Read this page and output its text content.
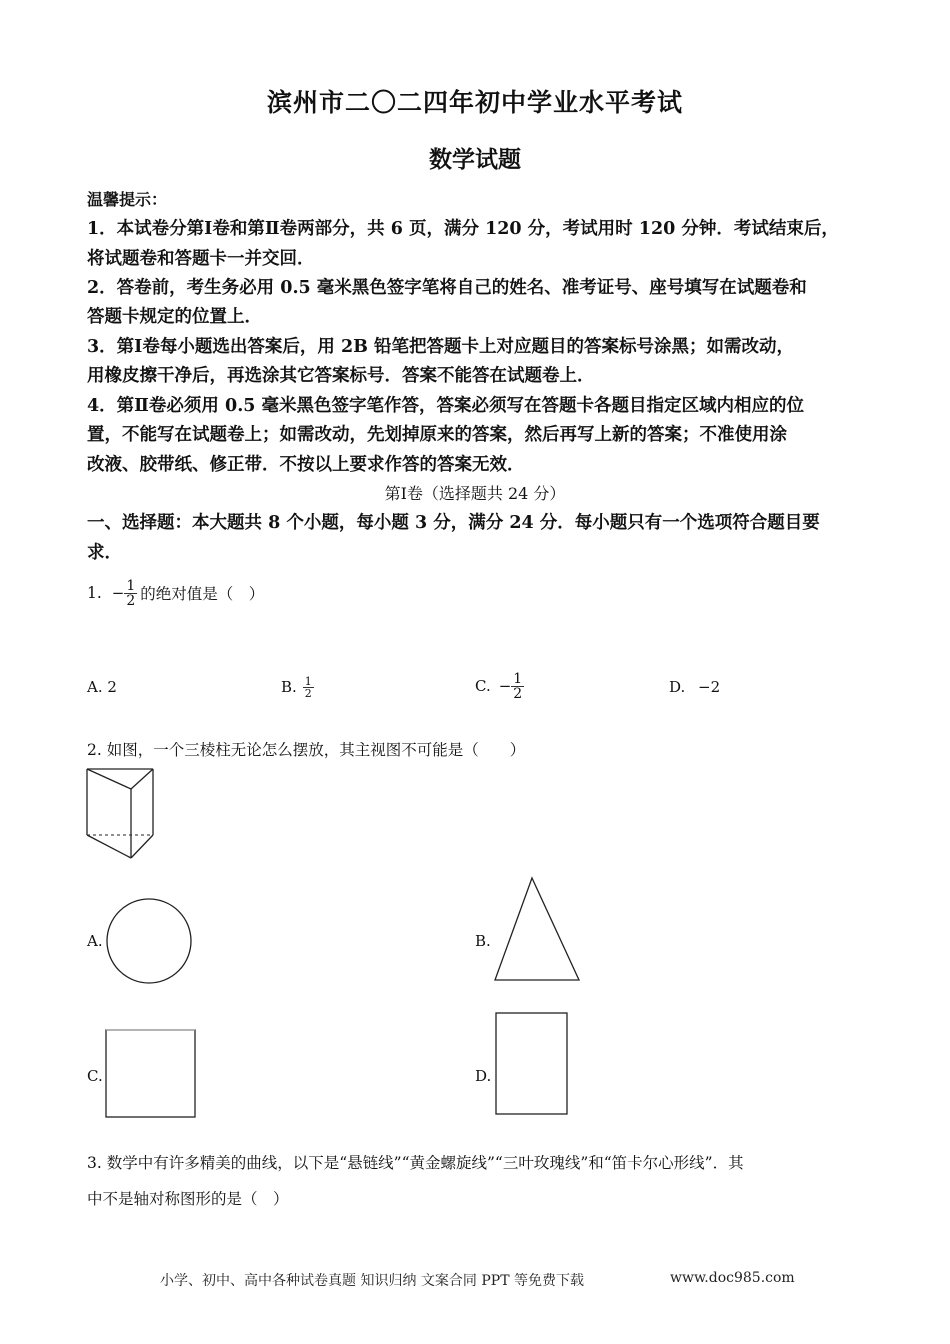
滨州市二〇二四年初中学业水平考试
数学试题
温馨提示：
1．本试卷分第Ⅰ卷和第Ⅱ卷两部分，共 6 页，满分 120 分，考试用时 120 分钟．考试结束后，
将试题卷和答题卡一并交回．
2．答卷前，考生务必用 0.5 毫米黑色签字笔将自己的姓名、准考证号、座号填写在试题卷和
答题卡规定的位置上．
3．第Ⅰ卷每小题选出答案后，用 2B 铅笔把答题卡上对应题目的答案标号涂黑；如需改动，
用橡皮擦干净后，再选涂其它答案标号．答案不能答在试题卷上．
4．第Ⅱ卷必须用 0.5 毫米黑色签字笔作答，答案必须写在答题卡各题目指定区域内相应的位
置，不能写在试题卷上；如需改动，先划掉原来的答案，然后再写上新的答案；不准使用涂
改液、胶带纸、修正带．不按以上要求作答的答案无效．
第Ⅰ卷（选择题共 24 分）
一、选择题：本大题共 8 个小题，每小题 3 分，满分 24 分．每小题只有一个选项符合题目要
求．
1. − $\frac{1}{2}$ 的绝对值是（　）
A. 2	B. $\frac{1}{2}$	C. − $\frac{1}{2}$	D. −2
2. 如图，一个三棱柱无论怎么摆放，其主视图不可能是（　　）
A.	B.
C.	D.
3. 数学中有许多精美的曲线，以下是“悬链线”“黄金螺旋线”“三叶玫瑰线”和“笛卡尔心形线”．其
中不是轴对称图形的是（　）
小学、初中、高中各种试卷真题 知识归纳 文案合同 PPT 等免费下载	www.doc985.com
